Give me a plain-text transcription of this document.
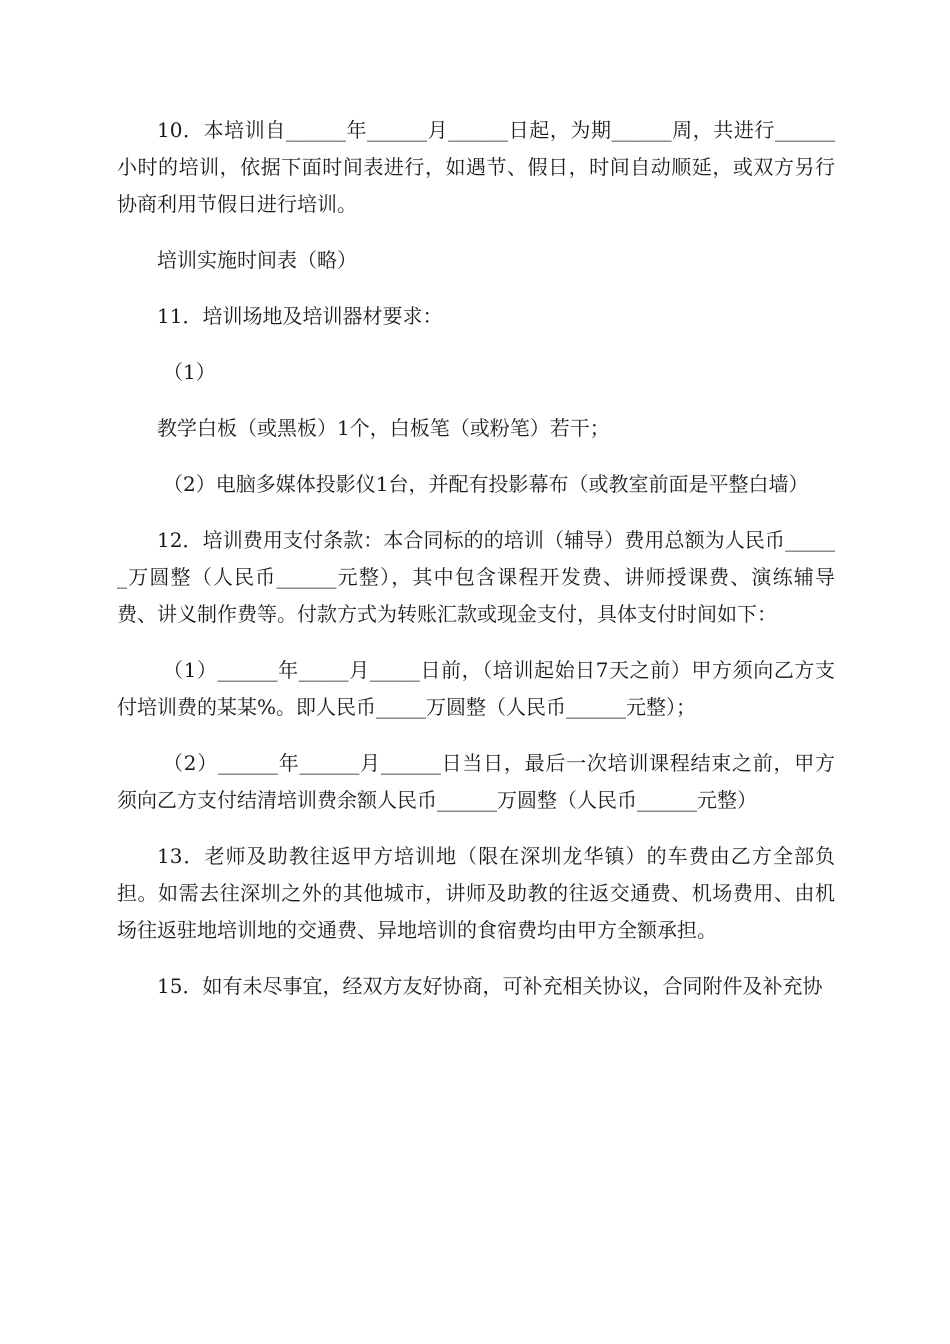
10．本培训自______年______月______日起，为期______周，共进行______小时的培训，依据下面时间表进行，如遇节、假日，时间自动顺延，或双方另行协商利用节假日进行培训。

培训实施时间表（略）

11．培训场地及培训器材要求：

（1）

教学白板（或黑板）1个，白板笔（或粉笔）若干；

（2）电脑多媒体投影仪1台，并配有投影幕布（或教室前面是平整白墙）

12．培训费用支付条款：本合同标的的培训（辅导）费用总额为人民币______万圆整（人民币______元整），其中包含课程开发费、讲师授课费、演练辅导费、讲义制作费等。付款方式为转账汇款或现金支付，具体支付时间如下：

（1）______年_____月_____日前，（培训起始日7天之前）甲方须向乙方支付培训费的某某%。即人民币_____万圆整（人民币______元整）；

（2）______年______月______日当日，最后一次培训课程结束之前，甲方须向乙方支付结清培训费余额人民币______万圆整（人民币______元整）

13．老师及助教往返甲方培训地（限在深圳龙华镇）的车费由乙方全部负担。如需去往深圳之外的其他城市，讲师及助教的往返交通费、机场费用、由机场往返驻地培训地的交通费、异地培训的食宿费均由甲方全额承担。

15．如有未尽事宜，经双方友好协商，可补充相关协议，合同附件及补充协
